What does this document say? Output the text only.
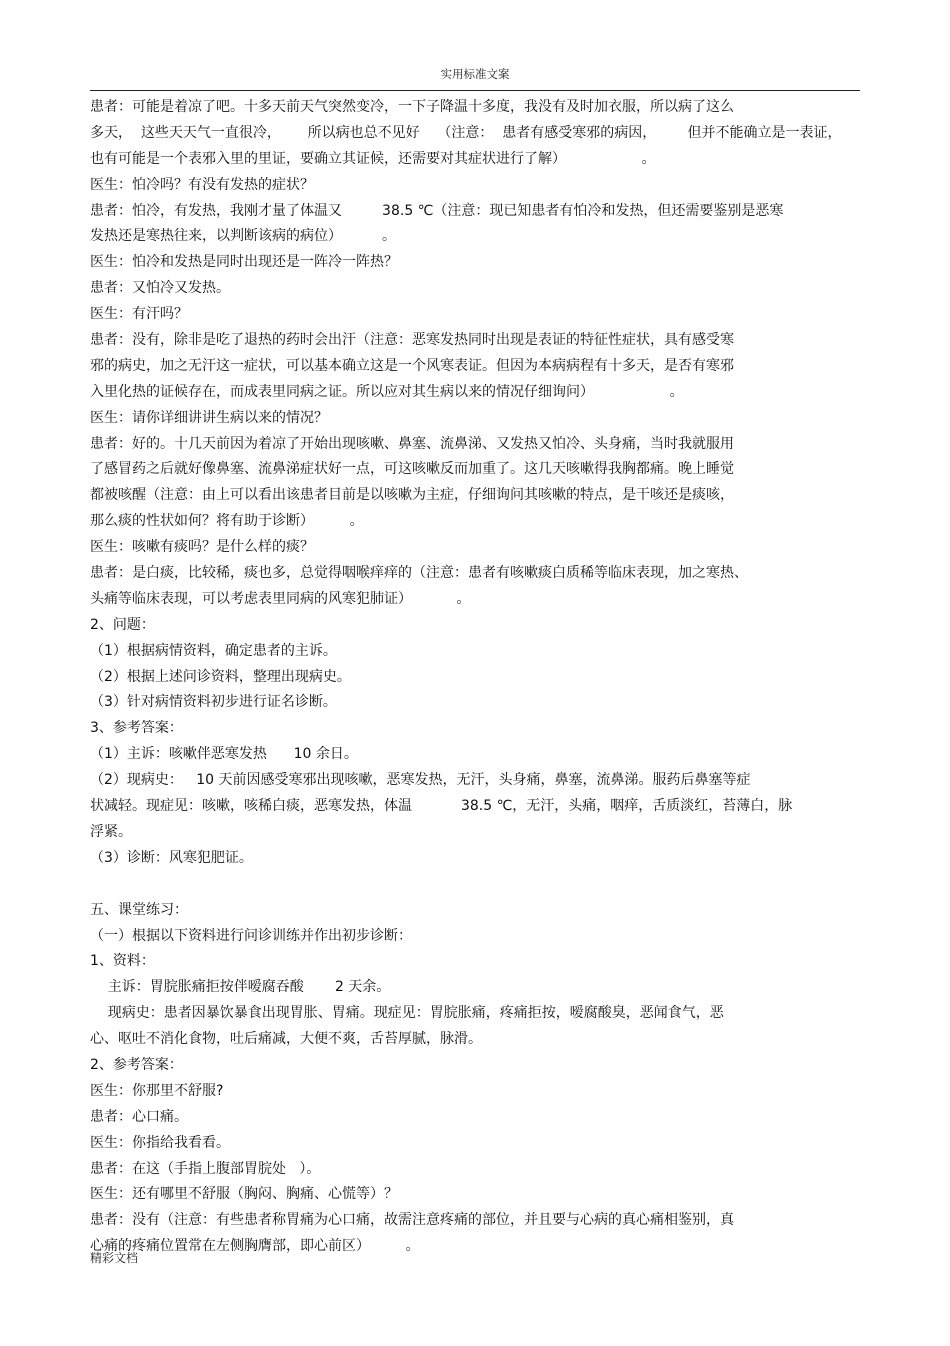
实用标准文案
患者：可能是着凉了吧。十多天前天气突然变冷，一下子降温十多度，我没有及时加衣服，所以病了这么
多天，  这些天天气一直很冷，      所以病也总不见好    （注意：  患者有感受寒邪的病因，       但并不能确立是一表证，
也有可能是一个表邪入里的里证，要确立其证候，还需要对其症状进行了解）                 。
医生：怕冷吗？有没有发热的症状？
患者：怕冷，有发热，我刚才量了体温又         38.5 ℃（注意：现已知患者有怕冷和发热，但还需要鉴别是恶寒
发热还是寒热往来，以判断该病的病位）         。
医生：怕冷和发热是同时出现还是一阵冷一阵热？
患者：又怕冷又发热。
医生：有汗吗？
患者：没有，除非是吃了退热的药时会出汗（注意：恶寒发热同时出现是表证的特征性症状，具有感受寒
邪的病史，加之无汗这一症状，可以基本确立这是一个风寒表证。但因为本病病程有十多天，是否有寒邪
入里化热的证候存在，而成表里同病之证。所以应对其生病以来的情况仔细询问）                 。
医生：请你详细讲讲生病以来的情况？
患者：好的。十几天前因为着凉了开始出现咳嗽、鼻塞、流鼻涕、又发热又怕冷、头身痛，当时我就服用
了感冒药之后就好像鼻塞、流鼻涕症状好一点，可这咳嗽反而加重了。这几天咳嗽得我胸都痛。晚上睡觉
都被咳醒（注意：由上可以看出该患者目前是以咳嗽为主症，仔细询问其咳嗽的特点，是干咳还是痰咳，
那么痰的性状如何？将有助于诊断）        。
医生：咳嗽有痰吗？是什么样的痰？
患者：是白痰，比较稀，痰也多，总觉得咽喉痒痒的（注意：患者有咳嗽痰白质稀等临床表现，加之寒热、
头痛等临床表现，可以考虑表里同病的风寒犯肺证）          。
2、问题：
（1）根据病情资料，确定患者的主诉。
（2）根据上述问诊资料，整理出现病史。
（3）针对病情资料初步进行证名诊断。
3、参考答案：
（1）主诉：咳嗽伴恶寒发热      10 余日。
（2）现病史：   10 天前因感受寒邪出现咳嗽，恶寒发热，无汗，头身痛，鼻塞，流鼻涕。服药后鼻塞等症
状减轻。现症见：咳嗽，咳稀白痰，恶寒发热，体温           38.5 ℃，无汗，头痛，咽痒，舌质淡红，苔薄白，脉
浮紧。
（3）诊断：风寒犯肥证。
五、课堂练习：
（一）根据以下资料进行问诊训练并作出初步诊断：
1、资料：
主诉：胃脘胀痛拒按伴嗳腐吞酸       2 天余。
现病史：患者因暴饮暴食出现胃胀、胃痛。现症见：胃脘胀痛，疼痛拒按，嗳腐酸臭，恶闻食气，恶
心、呕吐不消化食物，吐后痛减，大便不爽，舌苔厚腻，脉滑。
2、参考答案：
医生：你那里不舒服?
患者：心口痛。
医生：你指给我看看。
患者：在这（手指上腹部胃脘处   ）。
医生：还有哪里不舒服（胸闷、胸痛、心慌等）？
患者：没有（注意：有些患者称胃痛为心口痛，故需注意疼痛的部位，并且要与心病的真心痛相鉴别，真
心痛的疼痛位置常在左侧胸膺部，即心前区）        。
精彩文档
